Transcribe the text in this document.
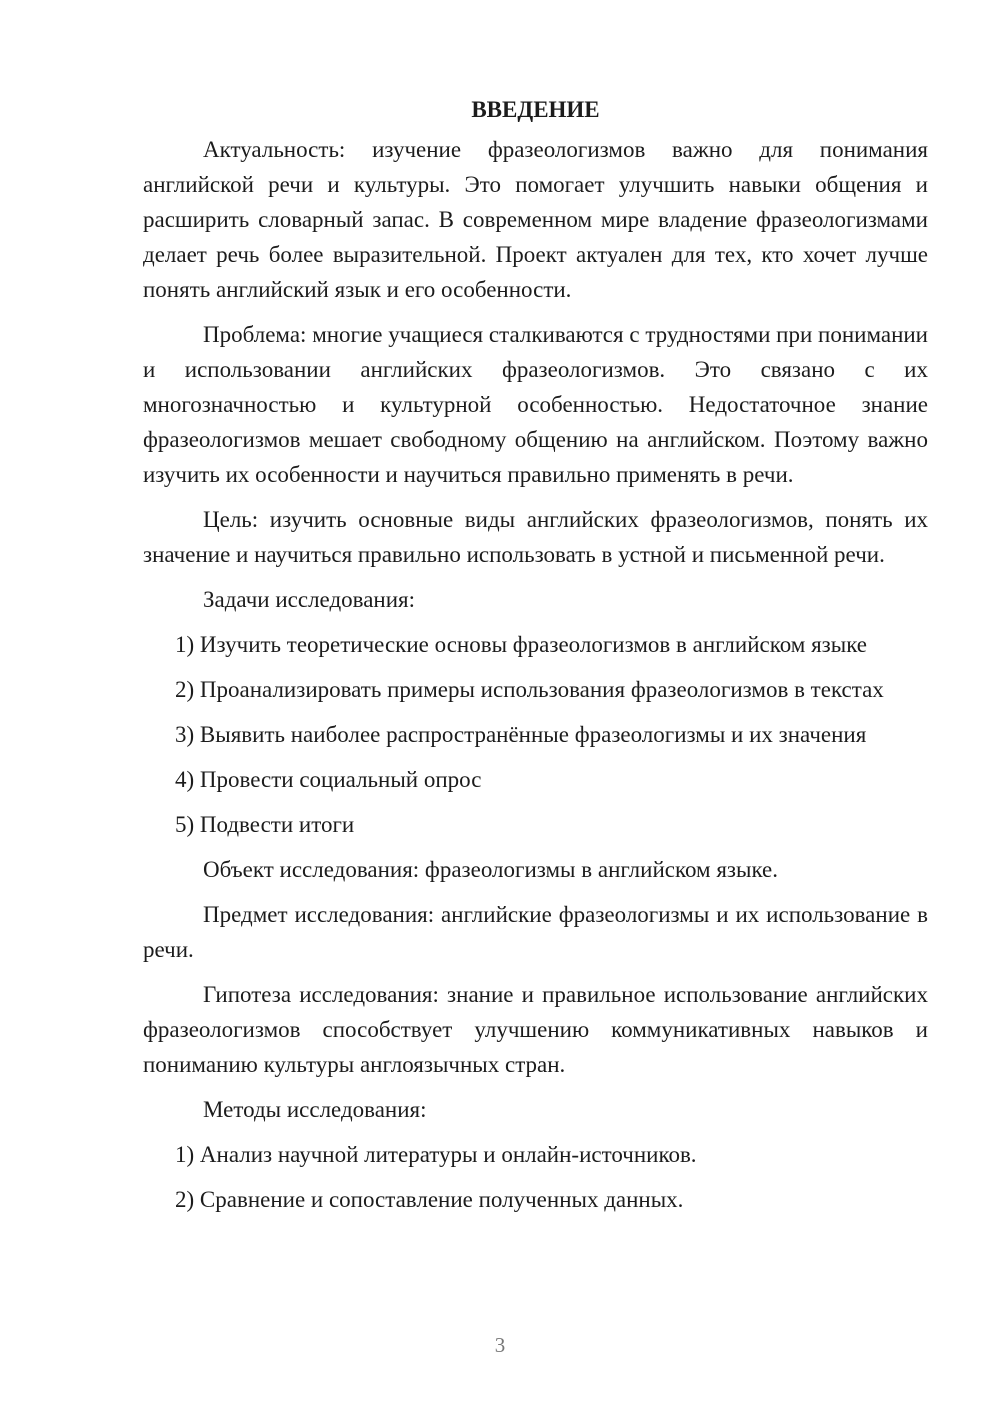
ВВЕДЕНИЕ

Актуальность: изучение фразеологизмов важно для понимания английской речи и культуры. Это помогает улучшить навыки общения и расширить словарный запас. В современном мире владение фразеологизмами делает речь более выразительной. Проект актуален для тех, кто хочет лучше понять английский язык и его особенности.

Проблема: многие учащиеся сталкиваются с трудностями при понимании и использовании английских фразеологизмов. Это связано с их многозначностью и культурной особенностью. Недостаточное знание фразеологизмов мешает свободному общению на английском. Поэтому важно изучить их особенности и научиться правильно применять в речи.

Цель: изучить основные виды английских фразеологизмов, понять их значение и научиться правильно использовать в устной и письменной речи.

Задачи исследования:

1) Изучить теоретические основы фразеологизмов в английском языке

2) Проанализировать примеры использования фразеологизмов в текстах

3) Выявить наиболее распространённые фразеологизмы и их значения

4) Провести социальный опрос

5) Подвести итоги

Объект исследования: фразеологизмы в английском языке.

Предмет исследования: английские фразеологизмы и их использование в речи.

Гипотеза исследования: знание и правильное использование английских фразеологизмов способствует улучшению коммуникативных навыков и пониманию культуры англоязычных стран.

Методы исследования:

1) Анализ научной литературы и онлайн-источников.

2) Сравнение и сопоставление полученных данных.

3
